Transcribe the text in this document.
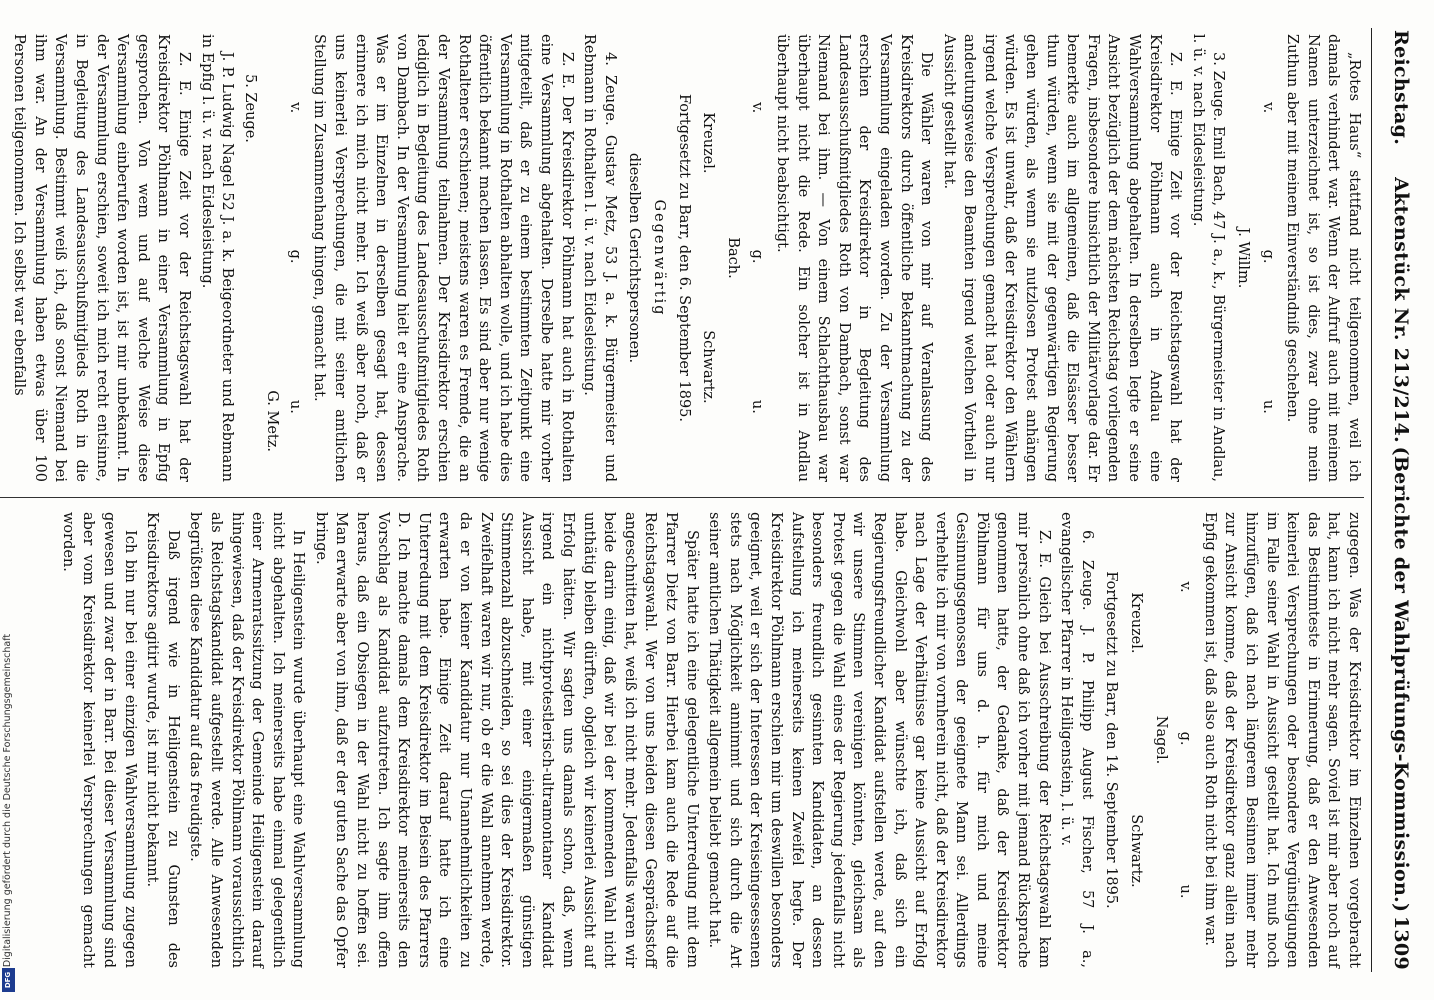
Reichstag.
Aktenstück Nr. 213/214.
(Berichte der Wahlprüfungs-Kommission.)
1309

„Rotes Haus“ stattfand nicht teilgenommen, weil ich damals verhindert war. Wenn der Aufruf auch mit meinem Namen unterzeichnet ist, so ist dies, zwar ohne mein Zuthun aber mit meinem Einverständniß geschehen.

v.
g.
u.
J. Willm.

3. Zeuge. Emil Bach, 47 J. a., k., Bürgermeister in Andlau, l. ü. v. nach Eidesleistung.

Z. E. Einige Zeit vor der Reichstagswahl hat der Kreisdirektor Pöhlmann auch in Andlau eine Wahlversammlung abgehalten. In derselben legte er seine Ansicht bezüglich der dem nächsten Reichstag vorliegenden Fragen, insbesondere hinsichtlich der Militärvorlage dar. Er bemerkte auch im allgemeinen, daß die Elsässer besser thun würden, wenn sie mit der gegenwärtigen Regierung gehen würden, als wenn sie nutzlosen Protest anhängen würden. Es ist unwahr, daß der Kreisdirektor den Wählern irgend welche Versprechungen gemacht hat oder auch nur andeutungsweise den Beamten irgend welchen Vortheil in Aussicht gestellt hat.

Die Wähler waren von mir auf Veranlassung des Kreisdirektors durch öffentliche Bekanntmachung zu der Versammlung eingeladen worden. Zu der Versammlung erschien der Kreisdirektor in Begleitung des Landesausschußmitgliedes Roth von Dambach, sonst war Niemand bei ihm. — Von einem Schlachthausbau war überhaupt nicht die Rede. Ein solcher ist in Andlau überhaupt nicht beabsichtigt.

v.
g.
u.
Bach.
Kreuzel.
Schwartz.
Fortgesetzt zu Barr, den 6. September 1895.
Gegenwärtig
dieselben Gerichtspersonen.

4. Zeuge. Gustav Metz, 53 J. a. k. Bürgermeister und Rebmann in Rothalten l. ü. v. nach Eidesleistung.

Z. E. Der Kreisdirektor Pöhlmann hat auch in Rothalten eine Versammlung abgehalten. Derselbe hatte mir vorher mitgeteilt, daß er zu einem bestimmten Zeitpunkt eine Versammlung in Rothalten abhalten wolle, und ich habe dies öffentlich bekannt machen lassen. Es sind aber nur wenige Rothaltener erschienen; meistens waren es Fremde, die an der Versammlung teilnahmen. Der Kreisdirektor erschien lediglich in Begleitung des Landesausschußmitgliedes Roth von Dambach. In der Versammlung hielt er eine Ansprache. Was er im Einzelnen in derselben gesagt hat, dessen erinnere ich mich nicht mehr. Ich weiß aber noch, daß er uns keinerlei Versprechungen, die mit seiner amtlichen Stellung im Zusammenhang hingen, gemacht hat.

v.
g.
u.
G. Metz.

5. Zeuge.

J. P. Ludwig Nagel 52 J. a. k. Beigeordneter und Rebmann in Epfig l. ü. v. nach Eidesleistung.

Z. E. Einige Zeit vor der Reichstagswahl hat der Kreisdirektor Pöhlmann in einer Versammlung in Epfig gesprochen. Von wem und auf welche Weise diese Versammlung einberufen worden ist, ist mir unbekannt. In der Versammlung erschien, soweit ich mich recht entsinne, in Begleitung des Landesausschußmitglieds Roth in die Versammlung. Bestimmt weiß ich, daß sonst Niemand bei ihm war. An der Versammlung haben etwas über 100 Personen teilgenommen. Ich selbst war ebenfalls

zugegen. Was der Kreisdirektor im Einzelnen vorgebracht hat, kann ich nicht mehr sagen. Soviel ist mir aber noch auf das Bestimmteste in Erinnerung, daß er den Anwesenden keinerlei Versprechungen oder besondere Vergünstigungen im Falle seiner Wahl in Aussicht gestellt hat. Ich muß noch hinzufügen, daß ich nach längerem Besinnen immer mehr zur Ansicht komme, daß der Kreisdirektor ganz allein nach Epfig gekommen ist, daß also auch Roth nicht bei ihm war.

v.
g.
u.
Nagel.
Kreuzel.
Schwartz.
Fortgesetzt zu Barr, den 14. September 1895.

6. Zeuge. J. P. Philipp August Fischer, 57 J. a., evangelischer Pfarrer in Heiligenstein, l. ü. v.

Z. E. Gleich bei Ausschreibung der Reichstagswahl kam mir persönlich ohne daß ich vorher mit jemand Rücksprache genommen hatte, der Gedanke, daß der Kreisdirektor Pöhlmann für uns d. h. für mich und meine Gesinnungsgenossen der geeignete Mann sei. Allerdings verhehlte ich mir von vornherein nicht, daß der Kreisdirektor nach Lage der Verhältnisse gar keine Aussicht auf Erfolg habe. Gleichwohl aber wünschte ich, daß sich ein Regierungsfreundlicher Kandidat aufstellen werde, auf den wir unsere Stimmen vereinigen könnten, gleichsam als Protest gegen die Wahl eines der Regierung jedenfalls nicht besonders freundlich gesinnten Kandidaten, an dessen Aufstellung ich meinerseits keinen Zweifel hegte. Der Kreisdirektor Pöhlmann erschien mir um deswillen besonders geeignet, weil er sich der Interessen der Kreiseingesessenen stets nach Möglichkeit annimmt und sich durch die Art seiner amtlichen Thätigkeit allgemein beliebt gemacht hat.

Später hatte ich eine gelegentliche Unterredung mit dem Pfarrer Dietz von Barr. Hierbei kam auch die Rede auf die Reichstagswahl. Wer von uns beiden diesen Gesprächsstoff angeschnitten hat, weiß ich nicht mehr. Jedenfalls waren wir beide darin einig, daß wir bei der kommenden Wahl nicht unthätig bleiben dürften, obgleich wir keinerlei Aussicht auf Erfolg hätten. Wir sagten uns damals schon, daß, wenn irgend ein nichtprotestlerisch-ultramontaner Kandidat Aussicht habe, mit einer einigermaßen günstigen Stimmenzahl abzuschneiden, so sei dies der Kreisdirektor. Zweifelhaft waren wir nur, ob er die Wahl annehmen werde, da er von keiner Kandidatur nur Unannehmlichkeiten zu erwarten habe. Einige Zeit darauf hatte ich eine Unterredung mit dem Kreisdirektor im Beisein des Pfarrers D. Ich machte damals dem Kreisdirektor meinerseits den Vorschlag als Kandidat aufzutreten. Ich sagte ihm offen heraus, daß ein Obsiegen in der Wahl nicht zu hoffen sei. Man erwarte aber von ihm, daß er der guten Sache das Opfer bringe.

In Heiligenstein wurde überhaupt eine Wahlversammlung nicht abgehalten. Ich meinerseits habe einmal gelegentlich einer Armenratssitzung der Gemeinde Heiligenstein darauf hingewiesen, daß der Kreisdirektor Pöhlmann voraussichtlich als Reichstagskandidat aufgestellt werde. Alle Anwesenden begrüßten diese Kandidatur auf das freudigste.

Daß irgend wie in Heiligenstein zu Gunsten des Kreisdirektors agitirt wurde, ist mir nicht bekannt.

Ich bin nur bei einer einzigen Wahlversammlung zugegen gewesen und zwar der in Barr. Bei dieser Versammlung sind aber vom Kreisdirektor keinerlei Versprechungen gemacht worden.

Digitalisierung gefördert durch die Deutsche Forschungsgemeinschaft
DFG
